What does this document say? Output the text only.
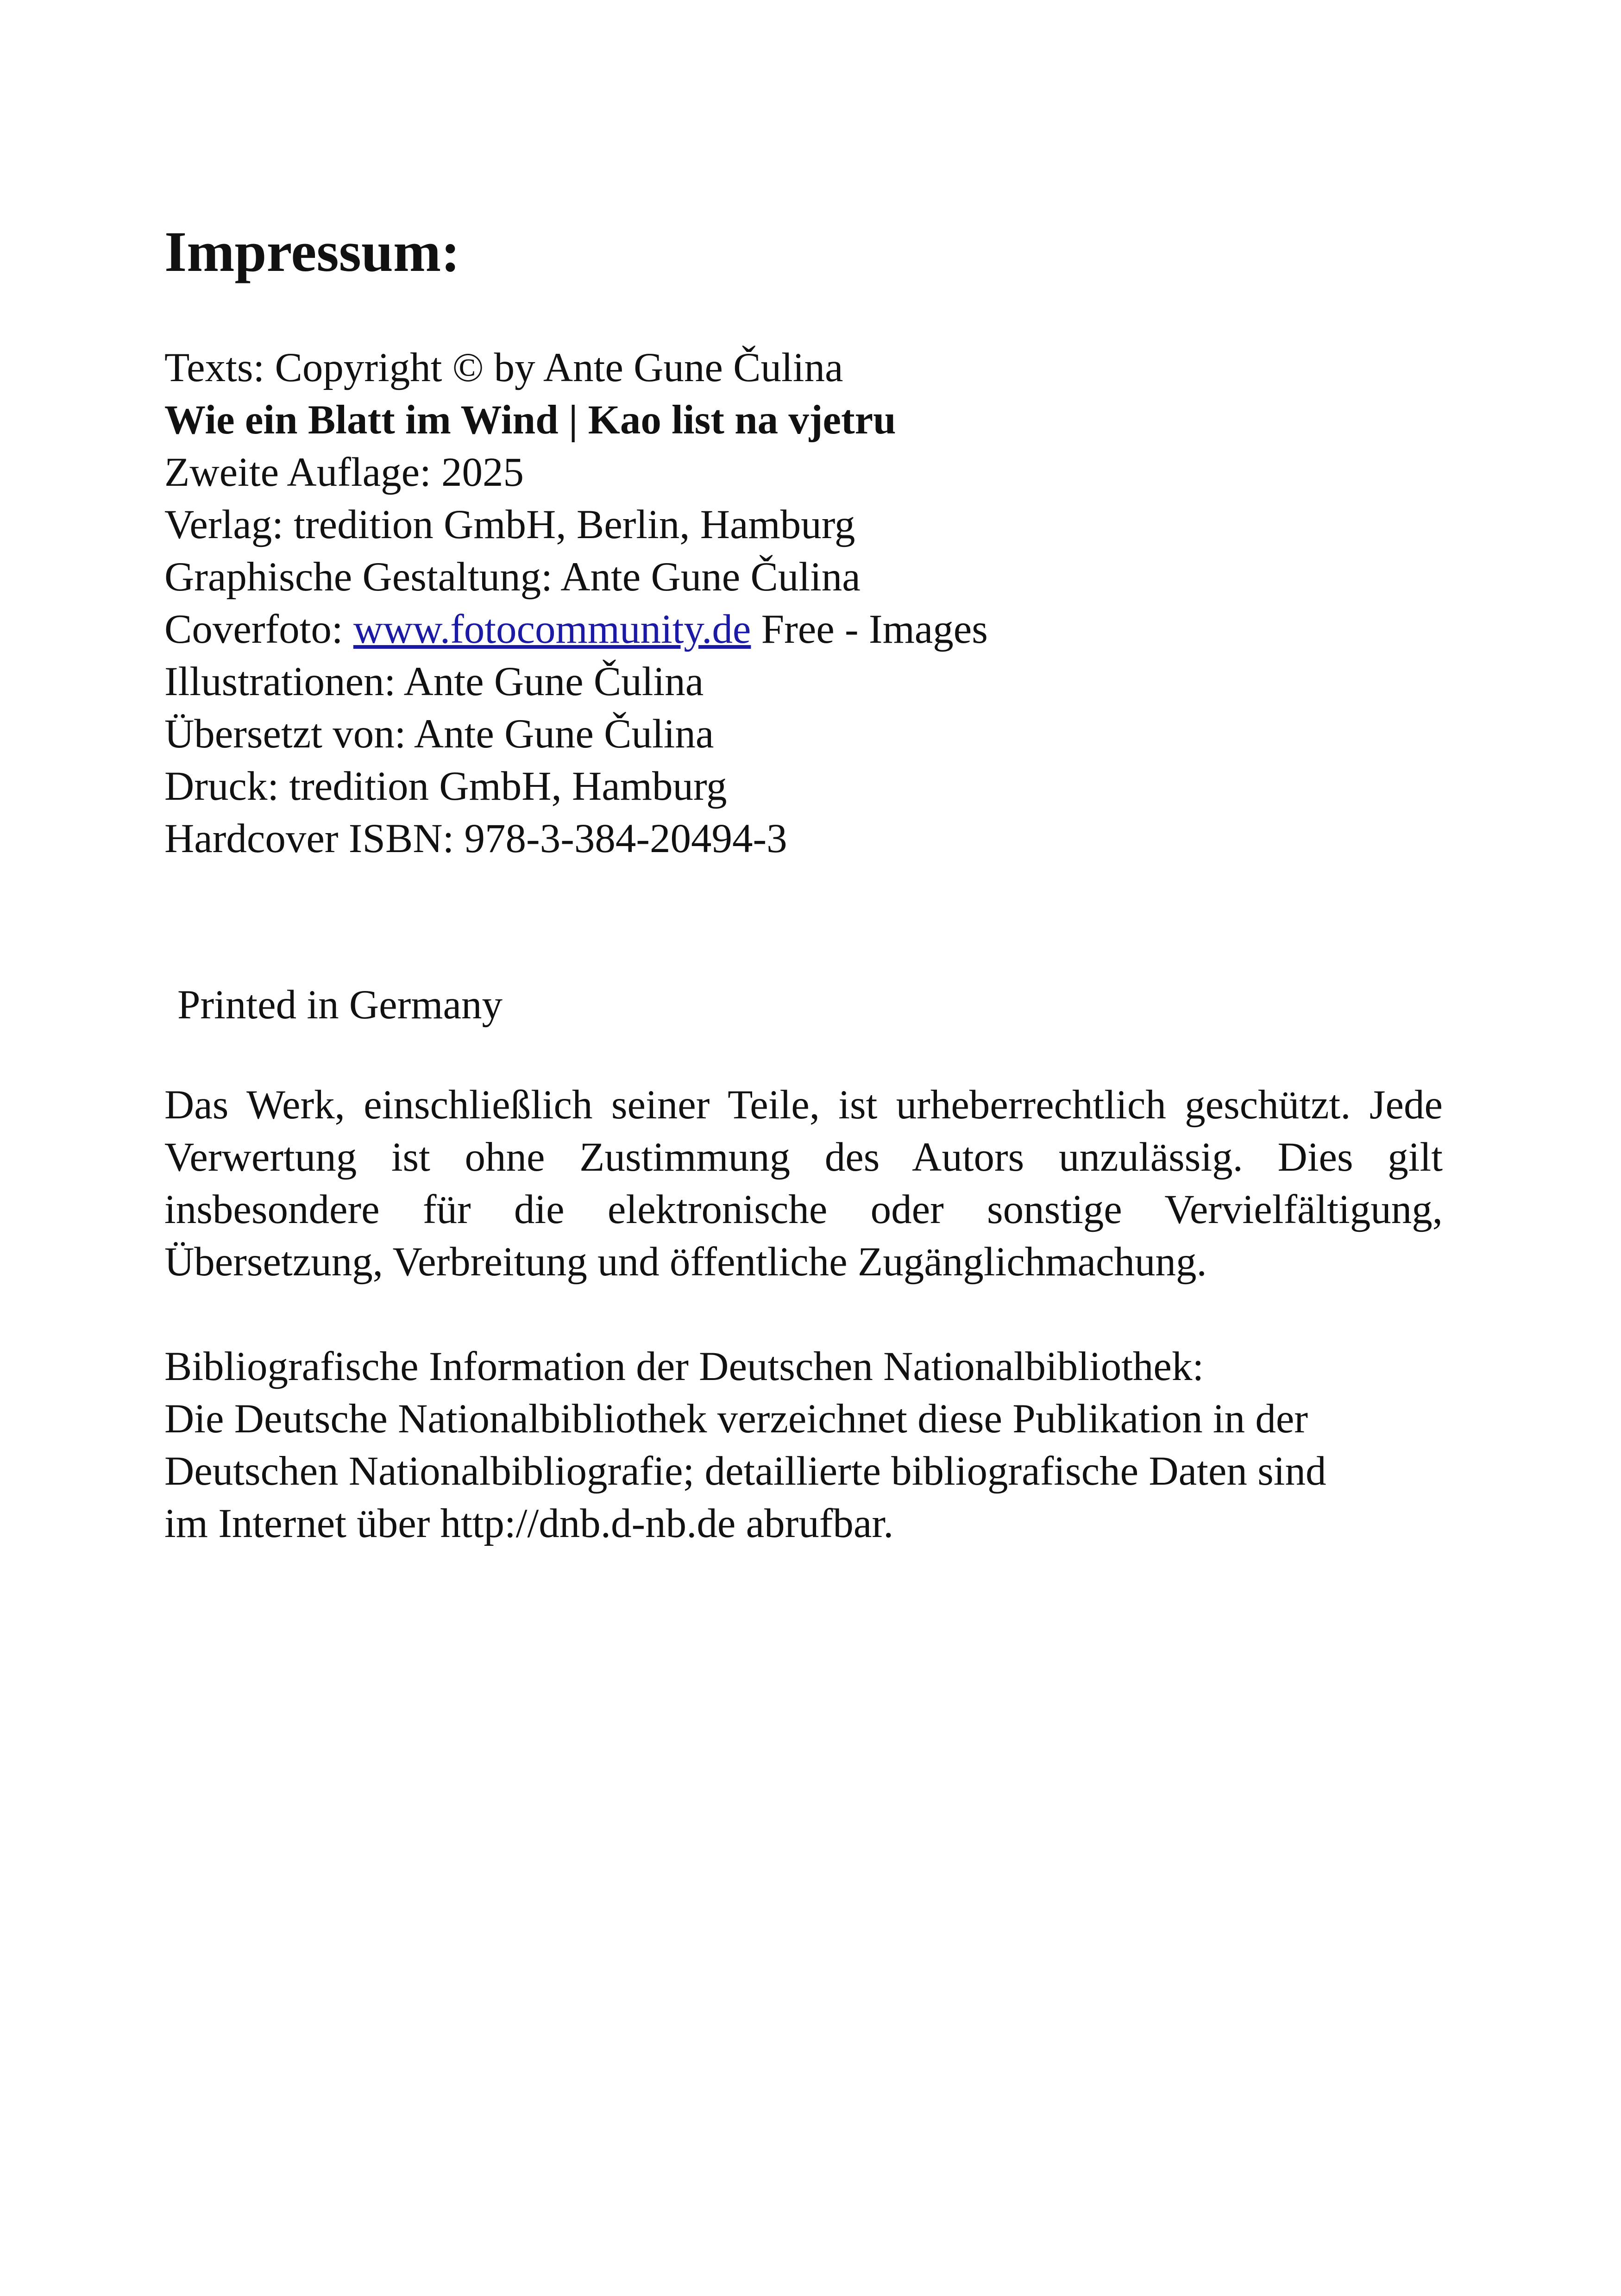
Impressum:
Texts: Copyright © by Ante Gune Čulina
Wie ein Blatt im Wind | Kao list na vjetru
Zweite Auflage: 2025
Verlag: tredition GmbH, Berlin, Hamburg
Graphische Gestaltung: Ante Gune Čulina
Coverfoto: www.fotocommunity.de Free - Images
Illustrationen: Ante Gune Čulina
Übersetzt von: Ante Gune Čulina
Druck: tredition GmbH, Hamburg
Hardcover ISBN: 978-3-384-20494-3
Printed in Germany

Das Werk, einschließlich seiner Teile, ist urheberrechtlich geschützt. Jede Verwertung ist ohne Zustimmung des Autors unzulässig. Dies gilt insbesondere für die elektronische oder sonstige Vervielfältigung, Übersetzung, Verbreitung und öffentliche Zugänglichmachung.

Bibliografische Information der Deutschen Nationalbibliothek:
Die Deutsche Nationalbibliothek verzeichnet diese Publikation in der
Deutschen Nationalbibliografie; detaillierte bibliografische Daten sind
im Internet über http://dnb.d-nb.de abrufbar.
